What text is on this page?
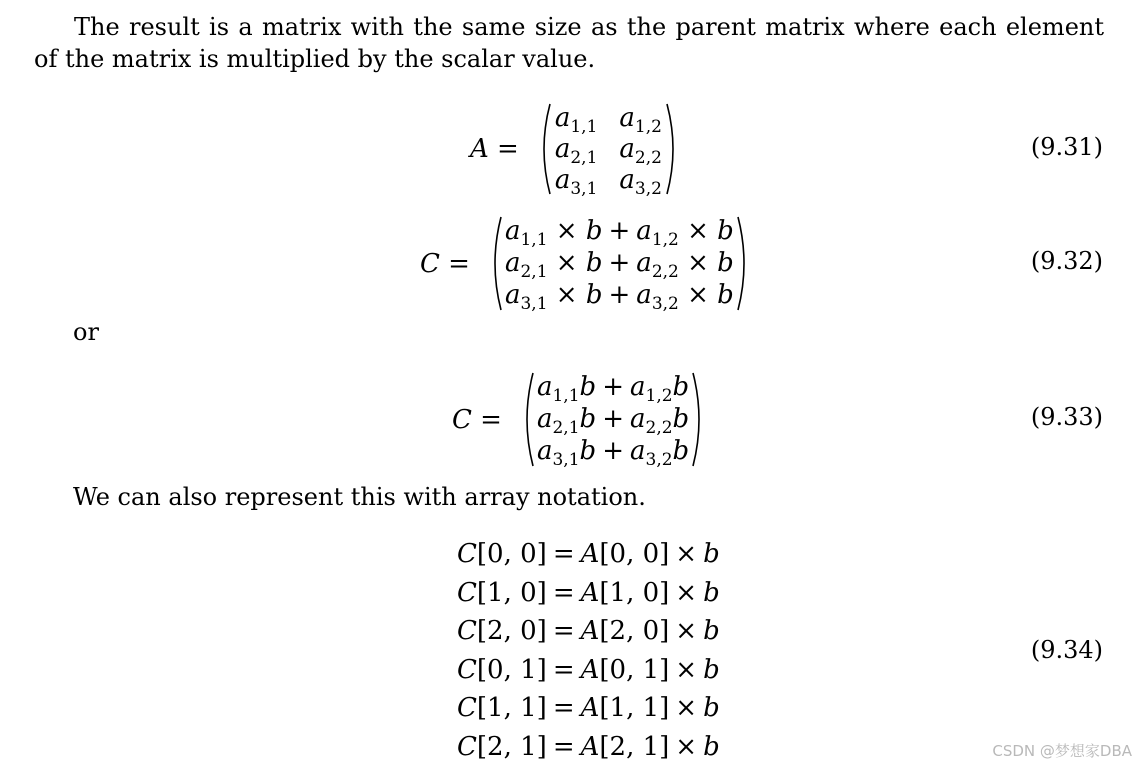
The result is a matrix with the same size as the parent matrix where each element of the matrix is multiplied by the scalar value.
A =
$a_{1,1}$ $a_{1,2}$
$a_{2,1}$ $a_{2,2}$
$a_{3,1}$ $a_{3,2}$
(9.31)
C =
$a_{1,1} \times b + a_{1,2} \times b$
$a_{2,1} \times b + a_{2,2} \times b$
$a_{3,1} \times b + a_{3,2} \times b$
(9.32)
or
C =
$a_{1,1}b + a_{1,2}b$
$a_{2,1}b + a_{2,2}b$
$a_{3,1}b + a_{3,2}b$
(9.33)
We can also represent this with array notation.
C[0, 0] = A[0, 0] × b
C[1, 0] = A[1, 0] × b
C[2, 0] = A[2, 0] × b
C[0, 1] = A[0, 1] × b
C[1, 1] = A[1, 1] × b
C[2, 1] = A[2, 1] × b
(9.34)
CSDN @梦想家DBA
